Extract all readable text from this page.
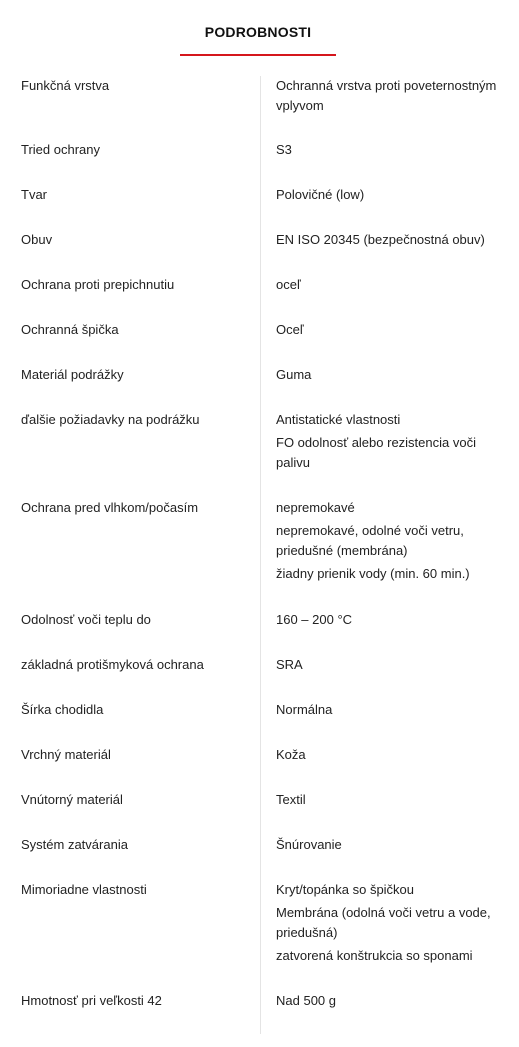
PODROBNOSTI
Funkčná vrstva	Ochranná vrstva proti poveternostným vplyvom
Tried ochrany	S3
Tvar	Polovičné (low)
Obuv	EN ISO 20345 (bezpečnostná obuv)
Ochrana proti prepichnutiu	oceľ
Ochranná špička	Oceľ
Materiál podrážky	Guma
ďalšie požiadavky na podrážku	Antistatické vlastnosti
FO odolnosť alebo rezistencia voči palivu
Ochrana pred vlhkom/počasím	nepremokavé
nepremokavé, odolné voči vetru, priedušné (membrána)
žiadny prienik vody (min. 60 min.)
Odolnosť voči teplu do	160 – 200 °C
základná protišmyková ochrana	SRA
Šírka chodidla	Normálna
Vrchný materiál	Koža
Vnútorný materiál	Textil
Systém zatvárania	Šnúrovanie
Mimoriadne vlastnosti	Kryt/topánka so špičkou
Membrána (odolná voči vetru a vode, priedušná)
zatvorená konštrukcia so sponami
Hmotnosť pri veľkosti 42	Nad 500 g
